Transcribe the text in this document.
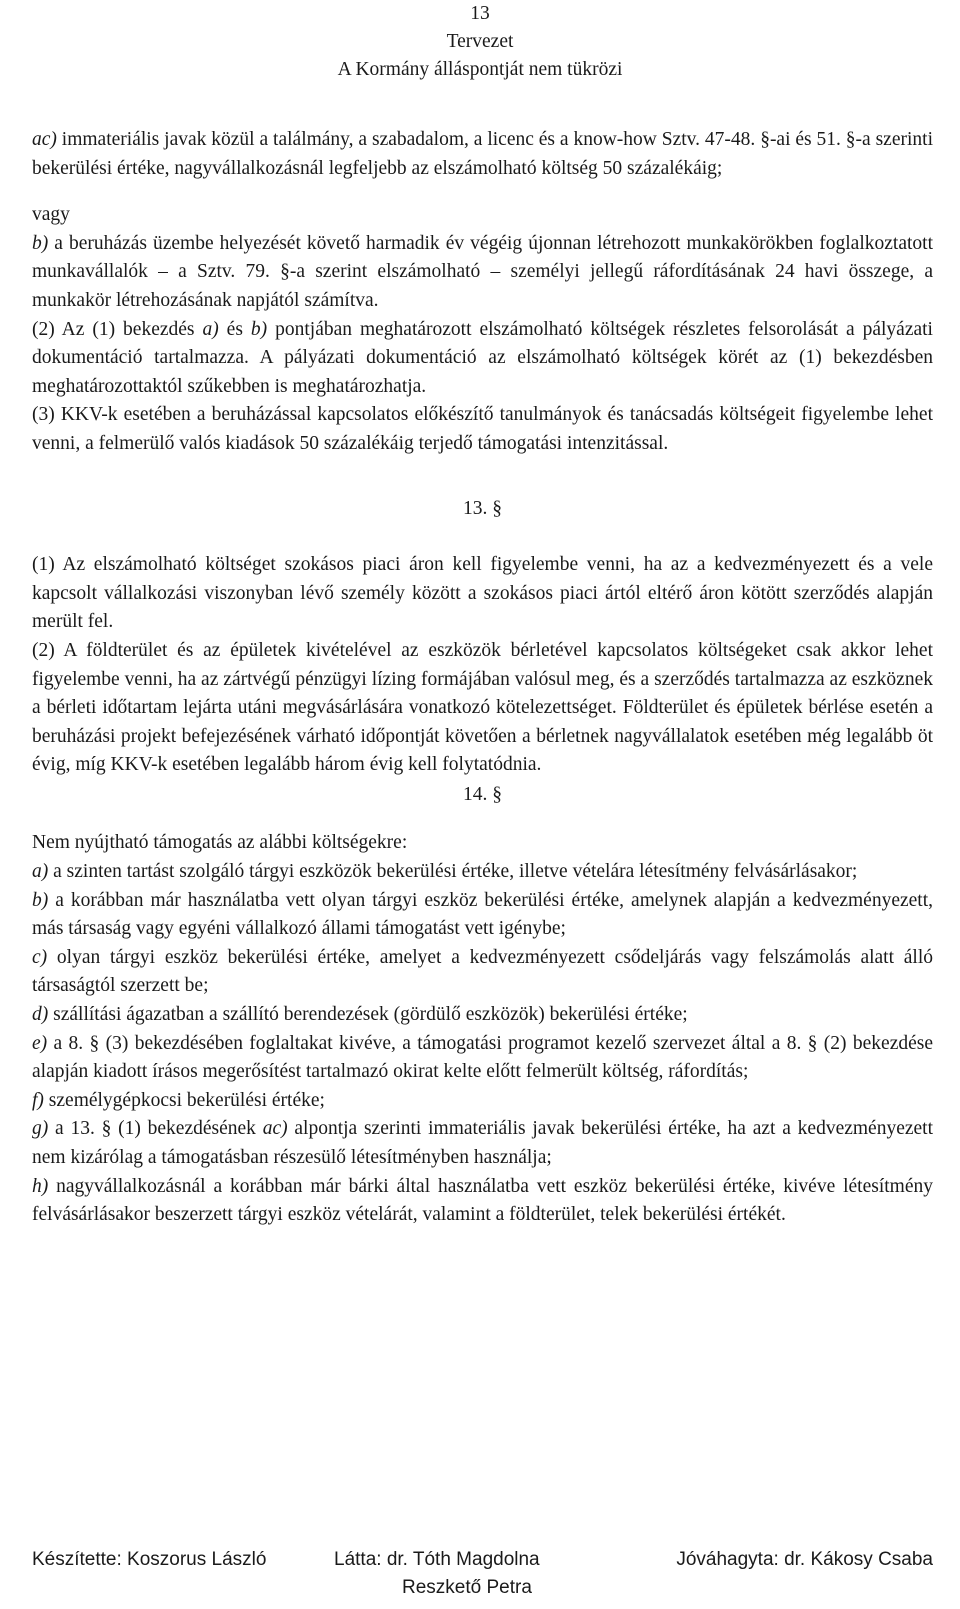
13
Tervezet
A Kormány álláspontját nem tükrözi

ac) immateriális javak közül a találmány, a szabadalom, a licenc és a know-how Sztv. 47-48. §-ai és 51. §-a szerinti bekerülési értéke, nagyvállalkozásnál legfeljebb az elszámolható költség 50 százalékáig;

vagy

b) a beruházás üzembe helyezését követő harmadik év végéig újonnan létrehozott munkakörökben foglalkoztatott munkavállalók – a Sztv. 79. §-a szerint elszámolható – személyi jellegű ráfordításának 24 havi összege, a munkakör létrehozásának napjától számítva.

(2) Az (1) bekezdés a) és b) pontjában meghatározott elszámolható költségek részletes felsorolását a pályázati dokumentáció tartalmazza. A pályázati dokumentáció az elszámolható költségek körét az (1) bekezdésben meghatározottaktól szűkebben is meghatározhatja.

(3) KKV-k esetében a beruházással kapcsolatos előkészítő tanulmányok és tanácsadás költségeit figyelembe lehet venni, a felmerülő valós kiadások 50 százalékáig terjedő támogatási intenzitással.

13. §

(1) Az elszámolható költséget szokásos piaci áron kell figyelembe venni, ha az a kedvezményezett és a vele kapcsolt vállalkozási viszonyban lévő személy között a szokásos piaci ártól eltérő áron kötött szerződés alapján merült fel.

(2) A földterület és az épületek kivételével az eszközök bérletével kapcsolatos költségeket csak akkor lehet figyelembe venni, ha az zártvégű pénzügyi lízing formájában valósul meg, és a szerződés tartalmazza az eszköznek a bérleti időtartam lejárta utáni megvásárlására vonatkozó kötelezettséget. Földterület és épületek bérlése esetén a beruházási projekt befejezésének várható időpontját követően a bérletnek nagyvállalatok esetében még legalább öt évig, míg KKV-k esetében legalább három évig kell folytatódnia.

14. §

Nem nyújtható támogatás az alábbi költségekre:

a) a szinten tartást szolgáló tárgyi eszközök bekerülési értéke, illetve vételára létesítmény felvásárlásakor;

b) a korábban már használatba vett olyan tárgyi eszköz bekerülési értéke, amelynek alapján a kedvezményezett, más társaság vagy egyéni vállalkozó állami támogatást vett igénybe;

c) olyan tárgyi eszköz bekerülési értéke, amelyet a kedvezményezett csődeljárás vagy felszámolás alatt álló társaságtól szerzett be;

d) szállítási ágazatban a szállító berendezések (gördülő eszközök) bekerülési értéke;

e) a 8. § (3) bekezdésében foglaltakat kivéve, a támogatási programot kezelő szervezet által a 8. § (2) bekezdése alapján kiadott írásos megerősítést tartalmazó okirat kelte előtt felmerült költség, ráfordítás;

f) személygépkocsi bekerülési értéke;

g) a 13. § (1) bekezdésének ac) alpontja szerinti immateriális javak bekerülési értéke, ha azt a kedvezményezett nem kizárólag a támogatásban részesülő létesítményben használja;

h) nagyvállalkozásnál a korábban már bárki által használatba vett eszköz bekerülési értéke, kivéve létesítmény felvásárlásakor beszerzett tárgyi eszköz vételárát, valamint a földterület, telek bekerülési értékét.

Készítette: Koszorus László	Látta: dr. Tóth Magdolna	Jóváhagyta: dr. Kákosy Csaba
Reszkető Petra
